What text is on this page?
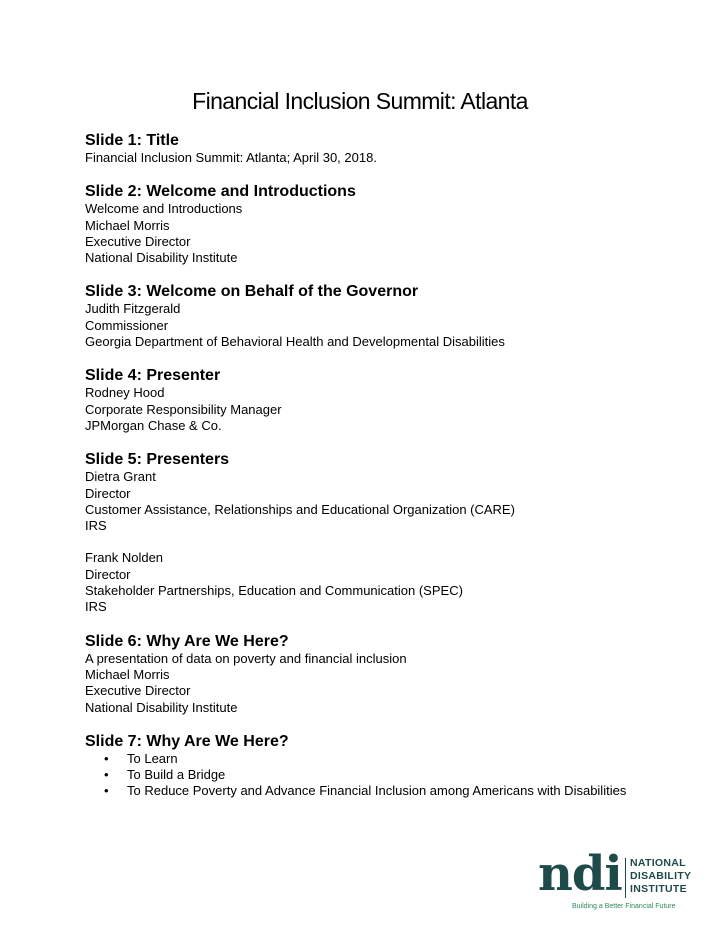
Financial Inclusion Summit: Atlanta
Slide 1: Title
Financial Inclusion Summit: Atlanta; April 30, 2018.
Slide 2: Welcome and Introductions
Welcome and Introductions
Michael Morris
Executive Director
National Disability Institute
Slide 3: Welcome on Behalf of the Governor
Judith Fitzgerald
Commissioner
Georgia Department of Behavioral Health and Developmental Disabilities
Slide 4: Presenter
Rodney Hood
Corporate Responsibility Manager
JPMorgan Chase & Co.
Slide 5: Presenters
Dietra Grant
Director
Customer Assistance, Relationships and Educational Organization (CARE)
IRS
Frank Nolden
Director
Stakeholder Partnerships, Education and Communication (SPEC)
IRS
Slide 6: Why Are We Here?
A presentation of data on poverty and financial inclusion
Michael Morris
Executive Director
National Disability Institute
Slide 7: Why Are We Here?
• To Learn
• To Build a Bridge
• To Reduce Poverty and Advance Financial Inclusion among Americans with Disabilities
ndi NATIONAL
DISABILITY
INSTITUTE
Building a Better Financial Future
